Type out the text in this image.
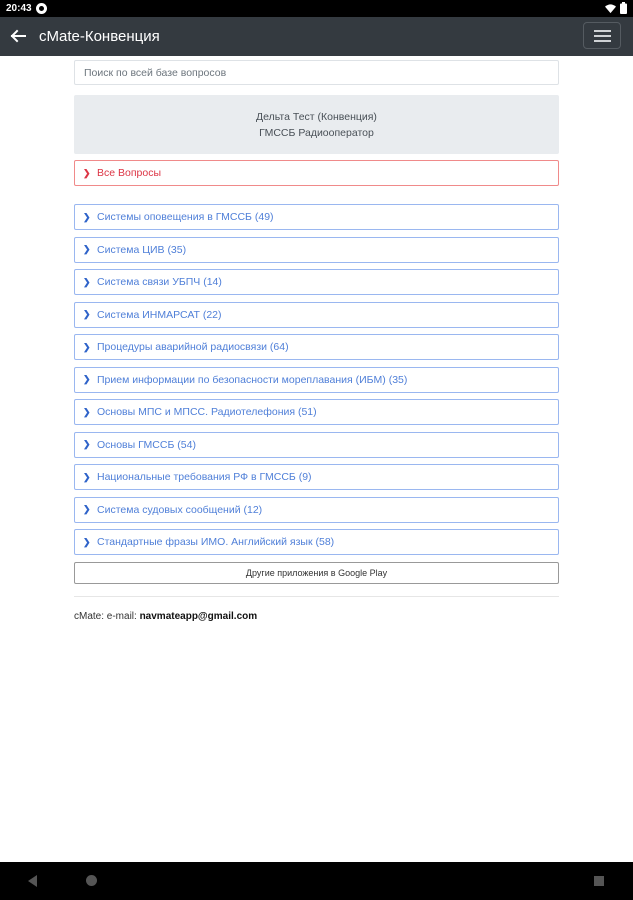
20:43
cMate-Конвенция
Поиск по всей базе вопросов
Дельта Тест (Конвенция)
ГМССБ Радиооператор
❯ Все Вопросы
❯ Системы оповещения в ГМССБ (49)
❯ Система ЦИВ (35)
❯ Система связи УБПЧ (14)
❯ Система ИНМАРСАТ (22)
❯ Процедуры аварийной радиосвязи (64)
❯ Прием информации по безопасности мореплавания (ИБМ) (35)
❯ Основы МПС и МПСС. Радиотелефония (51)
❯ Основы ГМССБ (54)
❯ Национальные требования РФ в ГМССБ (9)
❯ Система судовых сообщений (12)
❯ Стандартные фразы ИМО. Английский язык (58)
Другие приложения в Google Play
cMate: e-mail: navmateapp@gmail.com
